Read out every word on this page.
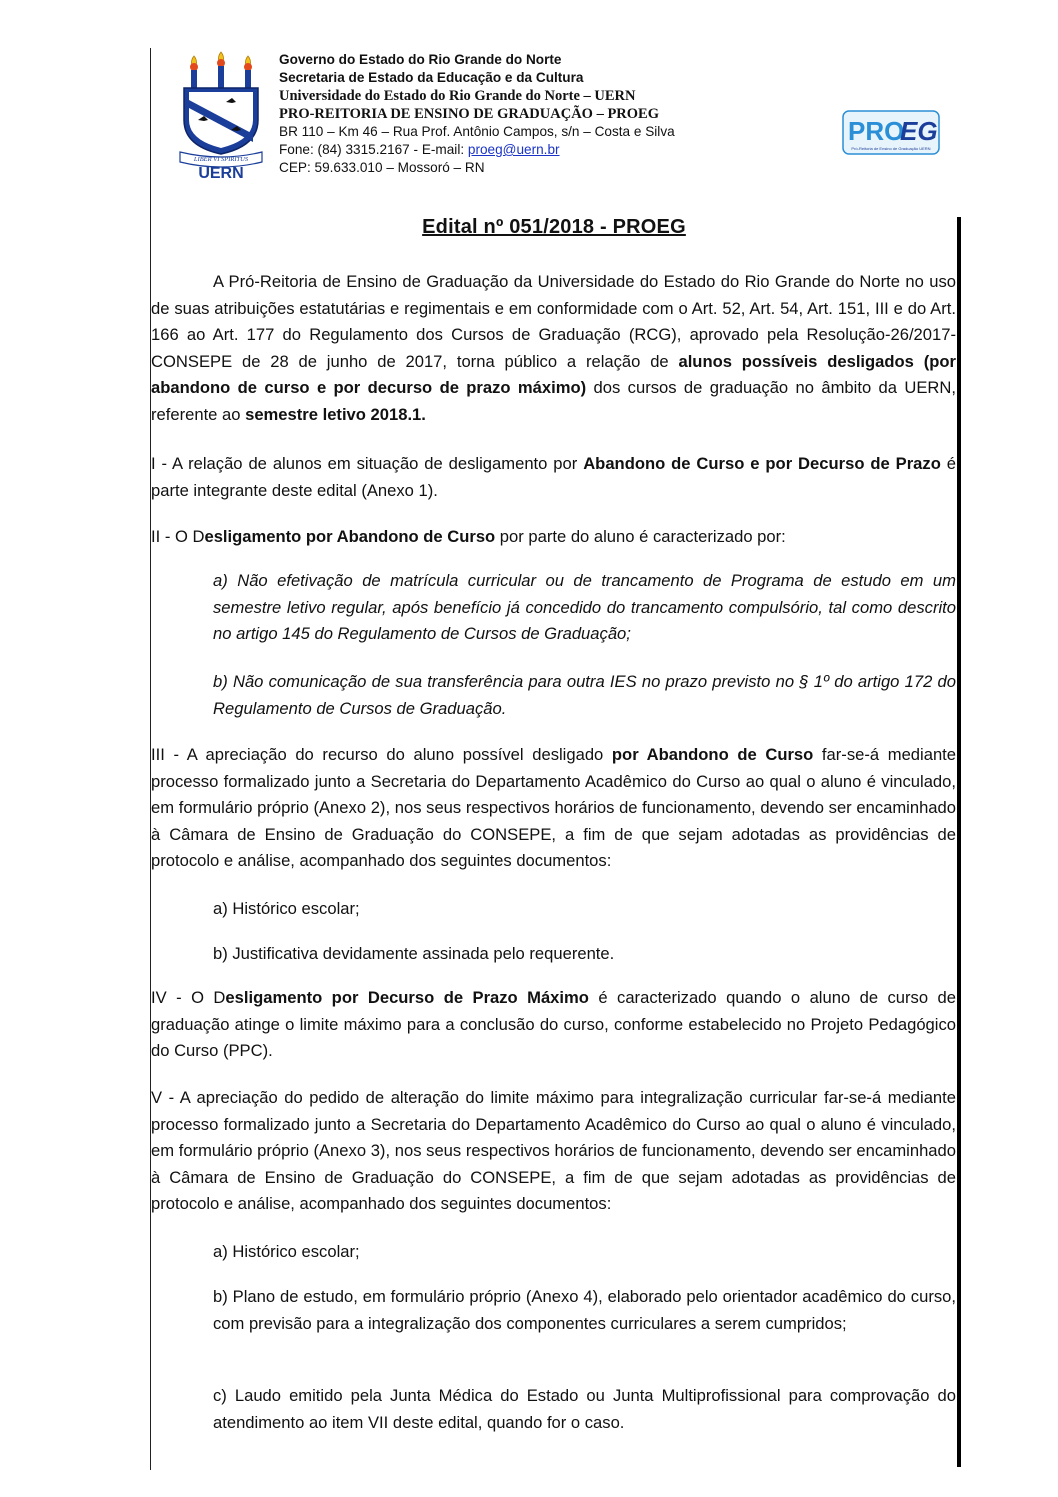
LIBER VI SPIRITUS
UERN
Governo do Estado do Rio Grande do Norte
Secretaria de Estado da Educação e da Cultura
Universidade do Estado do Rio Grande do Norte – UERN
PRO-REITORIA DE ENSINO DE GRADUAÇÃO – PROEG
BR 110 – Km 46 – Rua Prof. Antônio Campos, s/n – Costa e Silva
Fone: (84) 3315.2167 - E-mail: proeg@uern.br
CEP: 59.633.010 – Mossoró – RN
PRO
EG
Pró-Reitoria de Ensino de Graduação UERN
Edital nº 051/2018 - PROEG

A Pró-Reitoria de Ensino de Graduação da Universidade do Estado do Rio Grande do Norte no uso de suas atribuições estatutárias e regimentais e em conformidade com o Art. 52, Art. 54, Art. 151, III e do Art. 166 ao Art. 177 do Regulamento dos Cursos de Graduação (RCG), aprovado pela Resolução-26/2017-CONSEPE de 28 de junho de 2017, torna público a relação de alunos possíveis desligados (por abandono de curso e por decurso de prazo máximo) dos cursos de graduação no âmbito da UERN, referente ao semestre letivo 2018.1.

I - A relação de alunos em situação de desligamento por Abandono de Curso e por Decurso de Prazo é parte integrante deste edital (Anexo 1).

II - O Desligamento por Abandono de Curso por parte do aluno é caracterizado por:

a) Não efetivação de matrícula curricular ou de trancamento de Programa de estudo em um semestre letivo regular, após benefício já concedido do trancamento compulsório, tal como descrito no artigo 145 do Regulamento de Cursos de Graduação;

b) Não comunicação de sua transferência para outra IES no prazo previsto no § 1º do artigo 172 do Regulamento de Cursos de Graduação.

III - A apreciação do recurso do aluno possível desligado por Abandono de Curso far-se-á mediante processo formalizado junto a Secretaria do Departamento Acadêmico do Curso ao qual o aluno é vinculado, em formulário próprio (Anexo 2), nos seus respectivos horários de funcionamento, devendo ser encaminhado à Câmara de Ensino de Graduação do CONSEPE, a fim de que sejam adotadas as providências de protocolo e análise, acompanhado dos seguintes documentos:

a) Histórico escolar;

b) Justificativa devidamente assinada pelo requerente.

IV - O Desligamento por Decurso de Prazo Máximo é caracterizado quando o aluno de curso de graduação atinge o limite máximo para a conclusão do curso, conforme estabelecido no Projeto Pedagógico do Curso (PPC).

V - A apreciação do pedido de alteração do limite máximo para integralização curricular far-se-á mediante processo formalizado junto a Secretaria do Departamento Acadêmico do Curso ao qual o aluno é vinculado, em formulário próprio (Anexo 3), nos seus respectivos horários de funcionamento, devendo ser encaminhado à Câmara de Ensino de Graduação do CONSEPE, a fim de que sejam adotadas as providências de protocolo e análise, acompanhado dos seguintes documentos:

a) Histórico escolar;

b) Plano de estudo, em formulário próprio (Anexo 4), elaborado pelo orientador acadêmico do curso, com previsão para a integralização dos componentes curriculares a serem cumpridos;

c) Laudo emitido pela Junta Médica do Estado ou Junta Multiprofissional para comprovação do atendimento ao item VII deste edital, quando for o caso.
